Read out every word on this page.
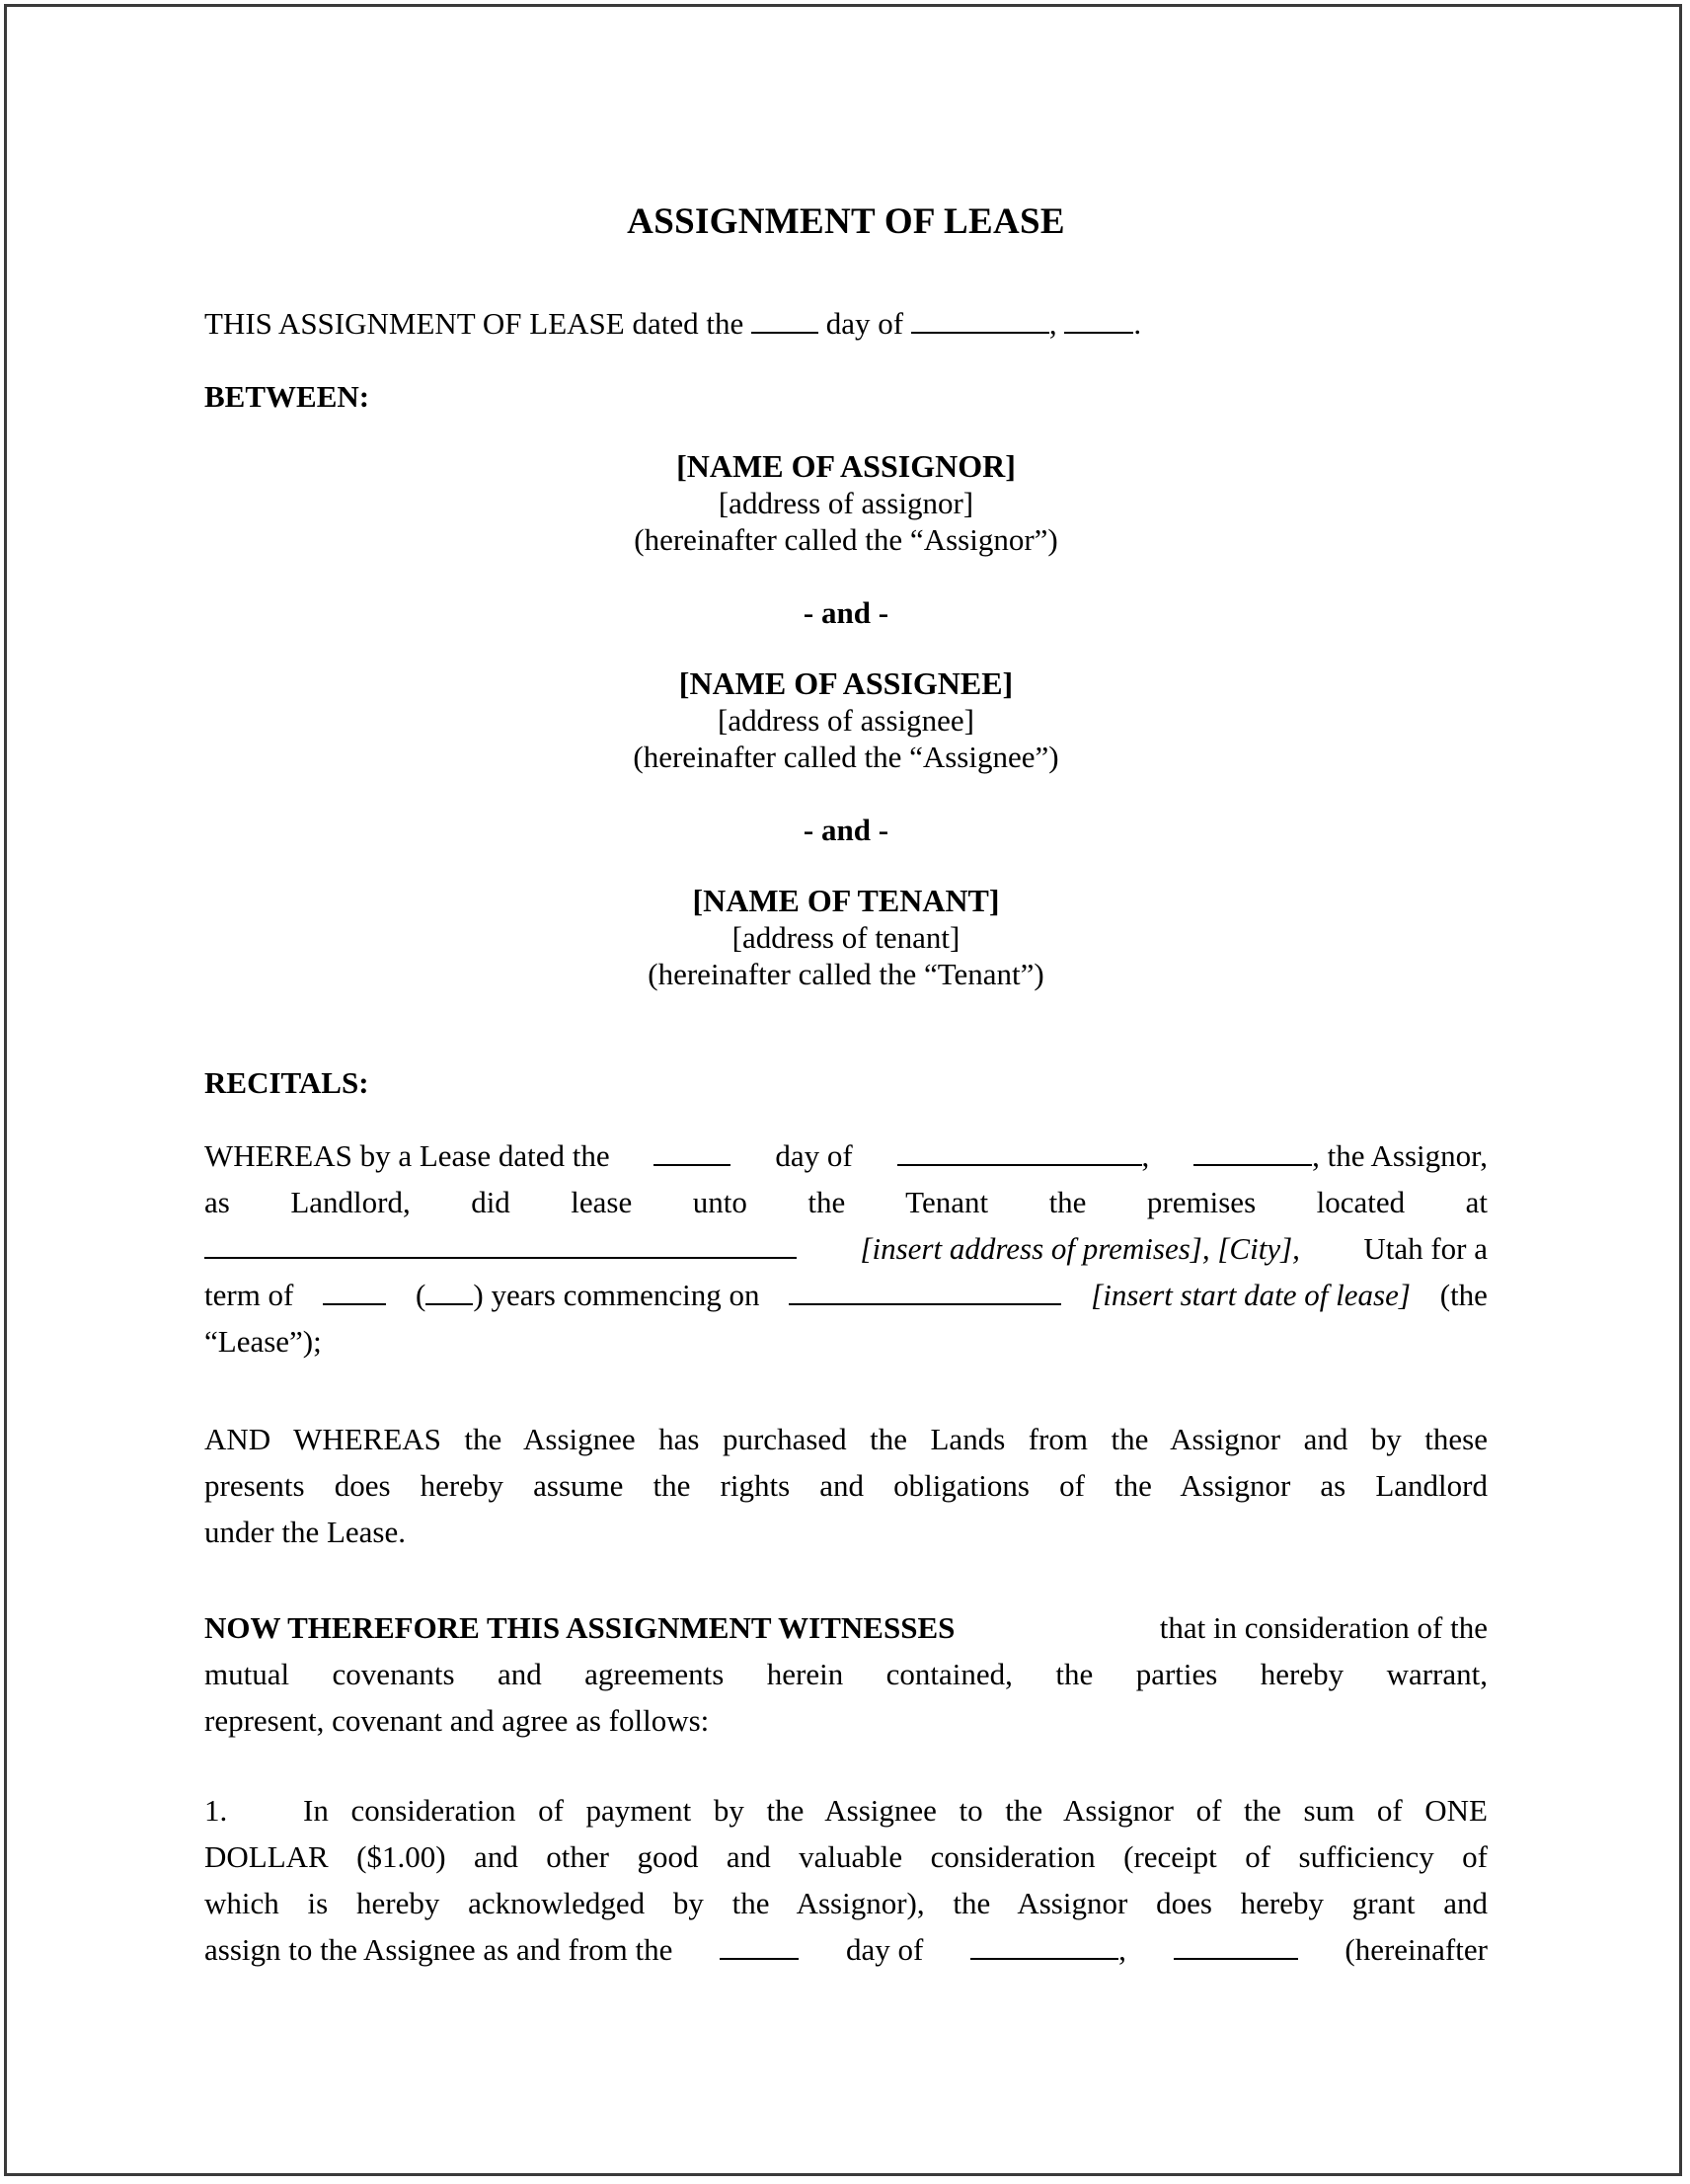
ASSIGNMENT OF LEASE
THIS ASSIGNMENT OF LEASE dated the	day of	,	.
BETWEEN:
[NAME OF ASSIGNOR]
[address of assignor]
(hereinafter called the “Assignor”)
- and -
[NAME OF ASSIGNEE]
[address of assignee]
(hereinafter called the “Assignee”)
- and -
[NAME OF TENANT]
[address of tenant]
(hereinafter called the “Tenant”)
RECITALS:
WHEREAS by a Lease dated the	day of	,	, the Assignor,
as Landlord, did lease unto the Tenant the premises located at
[insert address of premises], [City], Utah for a
term of	( ) years commencing on	[insert start date of lease] (the
“Lease”);
AND WHEREAS the Assignee has purchased the Lands from the Assignor and by these
presents does hereby assume the rights and obligations of the Assignor as Landlord
under the Lease.
NOW THEREFORE THIS ASSIGNMENT WITNESSES	that in consideration of the
mutual covenants and agreements herein contained, the parties hereby warrant,
represent, covenant and agree as follows:
1.	In consideration of payment by the Assignee to the Assignor of the sum of ONE
DOLLAR ($1.00) and other good and valuable consideration (receipt of sufficiency of
which is hereby acknowledged by the Assignor), the Assignor does hereby grant and
assign to the Assignee as and from the	day of	,	(hereinafter
